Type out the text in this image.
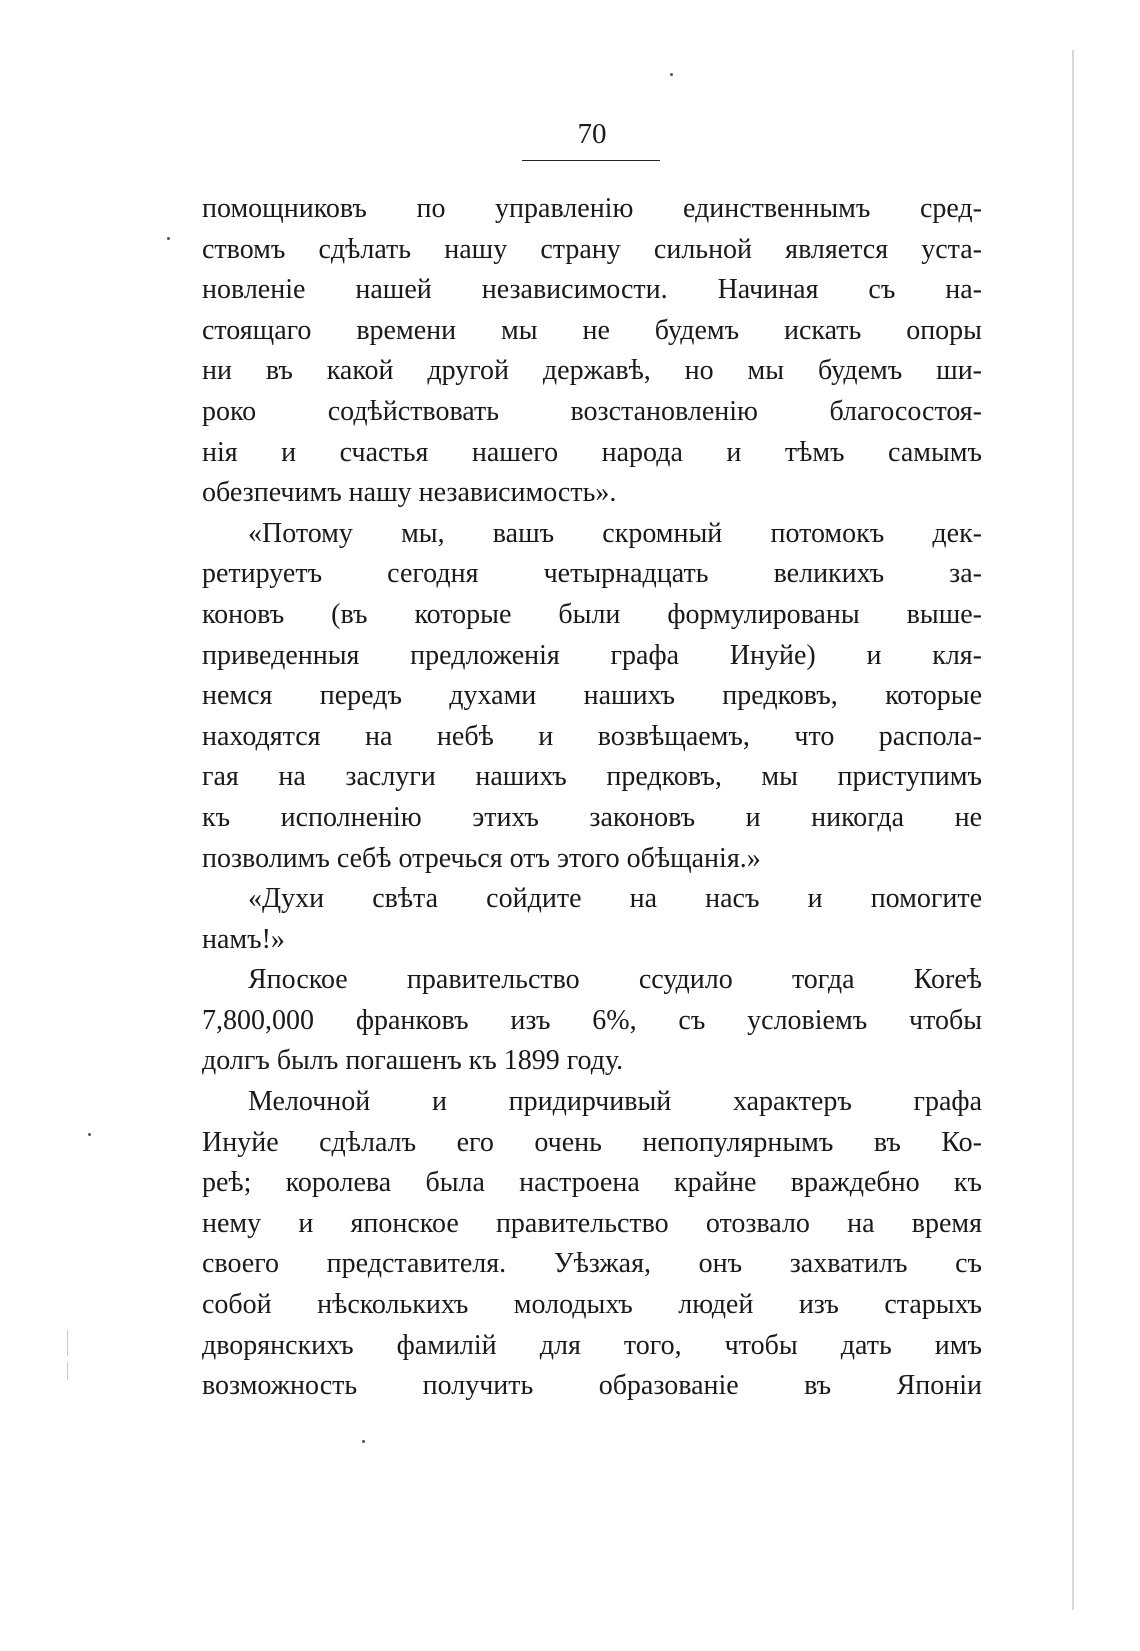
70
помощниковъ по управленію единственнымъ сред-
ствомъ сдѣлать нашу страну сильной является уста-
новленіе нашей независимости. Начиная съ на-
стоящаго времени мы не будемъ искать опоры
ни въ какой другой державѣ, но мы будемъ ши-
роко содѣйствовать возстановленію благосостоя-
нія и счастья нашего народа и тѣмъ самымъ
обезпечимъ нашу независимость».
«Потому мы, вашъ скромный потомокъ дек-
ретируетъ сегодня четырнадцать великихъ за-
коновъ (въ которые были формулированы выше-
приведенныя предложенія графа Инуйе) и кля-
немся передъ духами нашихъ предковъ, которые
находятся на небѣ и возвѣщаемъ, что распола-
гая на заслуги нашихъ предковъ, мы приступимъ
къ исполненію этихъ законовъ и никогда не
позволимъ себѣ отречься отъ этого обѣщанія.»
«Духи свѣта сойдите на насъ и помогите
намъ!»
Япоское правительство ссудило тогда Коreѣ
7,800,000 франковъ изъ 6%, съ условіемъ чтобы
долгъ былъ погашенъ къ 1899 году.
Мелочной и придирчивый характеръ графа
Инуйе сдѣлалъ его очень непопулярнымъ въ Ко-
реѣ; королева была настроена крайне враждебно къ
нему и японское правительство отозвало на время
своего представителя. Уѣзжая, онъ захватилъ съ
собой нѣсколькихъ молодыхъ людей изъ старыхъ
дворянскихъ фамилій для того, чтобы дать имъ
возможность получить образованіе въ Японіи
